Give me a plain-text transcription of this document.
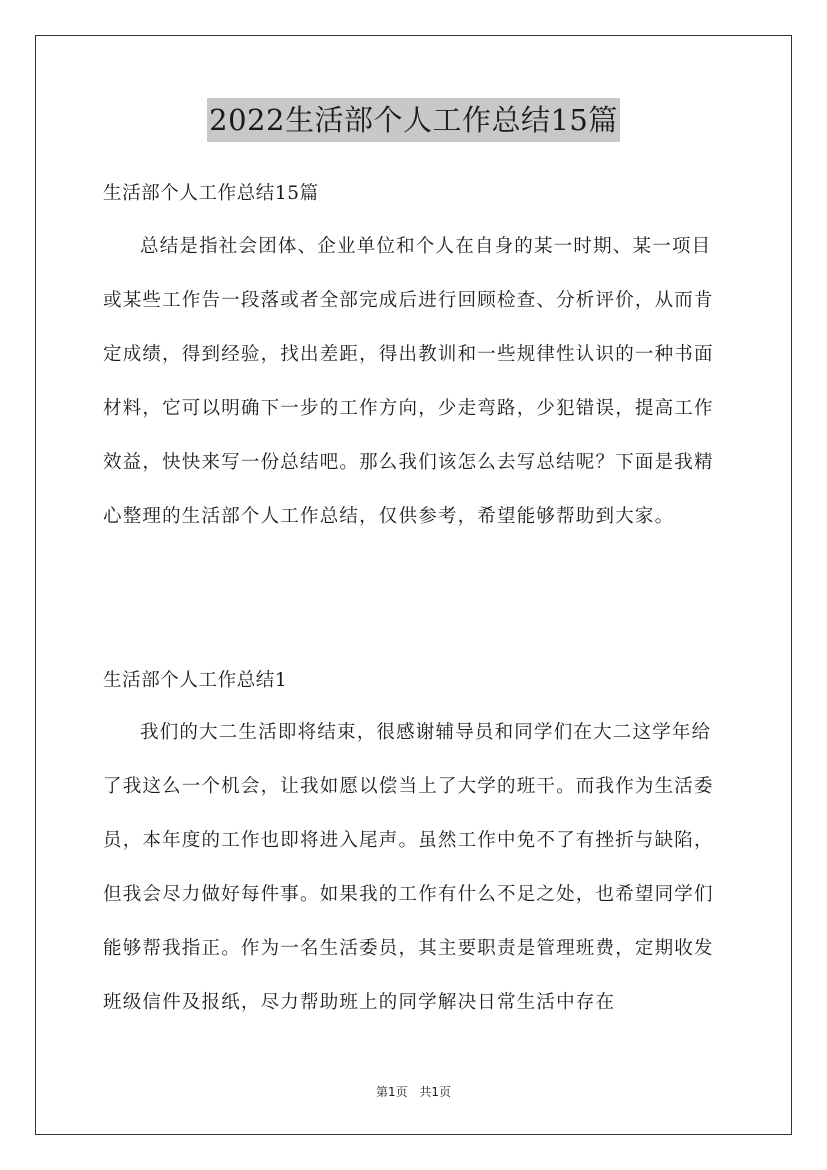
2022生活部个人工作总结15篇
生活部个人工作总结15篇

总结是指社会团体、企业单位和个人在自身的某一时期、某一项目或某些工作告一段落或者全部完成后进行回顾检查、分析评价，从而肯定成绩，得到经验，找出差距，得出教训和一些规律性认识的一种书面材料，它可以明确下一步的工作方向，少走弯路，少犯错误，提高工作效益，快快来写一份总结吧。那么我们该怎么去写总结呢？下面是我精心整理的生活部个人工作总结，仅供参考，希望能够帮助到大家。

生活部个人工作总结1

我们的大二生活即将结束，很感谢辅导员和同学们在大二这学年给了我这么一个机会，让我如愿以偿当上了大学的班干。而我作为生活委员，本年度的工作也即将进入尾声。虽然工作中免不了有挫折与缺陷，但我会尽力做好每件事。如果我的工作有什么不足之处，也希望同学们能够帮我指正。作为一名生活委员，其主要职责是管理班费，定期收发班级信件及报纸，尽力帮助班上的同学解决日常生活中存在

第1页 共1页
